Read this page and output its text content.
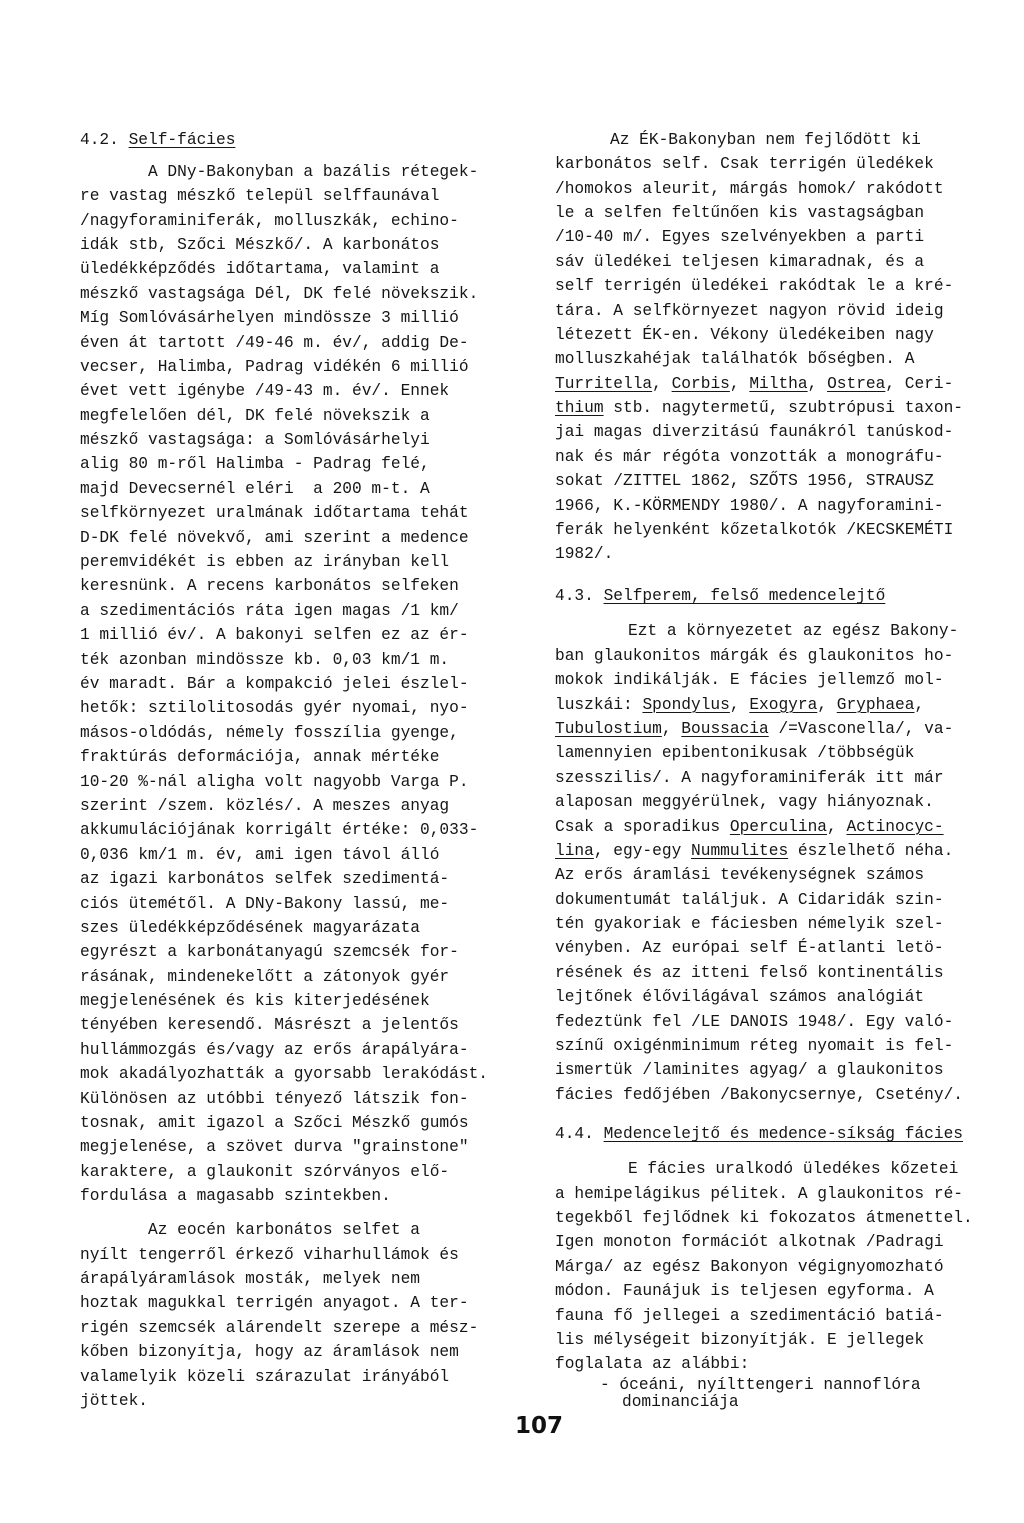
4.2. Self-fácies
A DNy-Bakonyban a bazális rétegek-
re vastag mészkő települ selffaunával
/nagyforaminiferák, molluszkák, echino-
idák stb, Szőci Mészkő/. A karbonátos
üledékképződés időtartama, valamint a
mészkő vastagsága Dél, DK felé növekszik.
Míg Somlóvásárhelyen mindössze 3 millió
éven át tartott /49-46 m. év/, addig De-
vecser, Halimba, Padrag vidékén 6 millió
évet vett igénybe /49-43 m. év/. Ennek
megfelelően dél, DK felé növekszik a
mészkő vastagsága: a Somlóvásárhelyi
alig 80 m-ről Halimba - Padrag felé,
majd Devecsernél eléri  a 200 m-t. A
selfkörnyezet uralmának időtartama tehát
D-DK felé növekvő, ami szerint a medence
peremvidékét is ebben az irányban kell
keresnünk. A recens karbonátos selfeken
a szedimentációs ráta igen magas /1 km/
1 millió év/. A bakonyi selfen ez az ér-
ték azonban mindössze kb. 0,03 km/1 m.
év maradt. Bár a kompakció jelei észlel-
hetők: sztilolitosodás gyér nyomai, nyo-
másos-oldódás, némely fosszília gyenge,
fraktúrás deformációja, annak mértéke
10-20 %-nál aligha volt nagyobb Varga P.
szerint /szem. közlés/. A meszes anyag
akkumulációjának korrigált értéke: 0,033-
0,036 km/1 m. év, ami igen távol álló
az igazi karbonátos selfek szedimentá-
ciós ütemétől. A DNy-Bakony lassú, me-
szes üledékképződésének magyarázata
egyrészt a karbonátanyagú szemcsék for-
rásának, mindenekelőtt a zátonyok gyér
megjelenésének és kis kiterjedésének
tényében keresendő. Másrészt a jelentős
hullámmozgás és/vagy az erős árapályára-
mok akadályozhatták a gyorsabb lerakódást.
Különösen az utóbbi tényező látszik fon-
tosnak, amit igazol a Szőci Mészkő gumós
megjelenése, a szövet durva "grainstone"
karaktere, a glaukonit szórványos elő-
fordulása a magasabb szintekben.
Az eocén karbonátos selfet a
nyílt tengerről érkező viharhullámok és
árapályáramlások mosták, melyek nem
hoztak magukkal terrigén anyagot. A ter-
rigén szemcsék alárendelt szerepe a mész-
kőben bizonyítja, hogy az áramlások nem
valamelyik közeli szárazulat irányából
jöttek.
Az ÉK-Bakonyban nem fejlődött ki
karbonátos self. Csak terrigén üledékek
/homokos aleurit, márgás homok/ rakódott
le a selfen feltűnően kis vastagságban
/10-40 m/. Egyes szelvényekben a parti
sáv üledékei teljesen kimaradnak, és a
self terrigén üledékei rakódtak le a kré-
tára. A selfkörnyezet nagyon rövid ideig
létezett ÉK-en. Vékony üledékeiben nagy
molluszkahéjak találhatók bőségben. A
Turritella, Corbis, Miltha, Ostrea, Ceri-
thium stb. nagytermetű, szubtrópusi taxon-
jai magas diverzitású faunákról tanúskod-
nak és már régóta vonzották a monográfu-
sokat /ZITTEL 1862, SZŐTS 1956, STRAUSZ
1966, K.-KÖRMENDY 1980/. A nagyforamini-
ferák helyenként kőzetalkotók /KECSKEMÉTI
1982/.
4.3. Selfperem, felső medencelejtő
Ezt a környezetet az egész Bakony-
ban glaukonitos márgák és glaukonitos ho-
mokok indikálják. E fácies jellemző mol-
luszkái: Spondylus, Exogyra, Gryphaea,
Tubulostium, Boussacia /=Vasconella/, va-
lamennyien epibentonikusak /többségük
szesszilis/. A nagyforaminiferák itt már
alaposan meggyérülnek, vagy hiányoznak.
Csak a sporadikus Operculina, Actinocyc-
lina, egy-egy Nummulites észlelhető néha.
Az erős áramlási tevékenységnek számos
dokumentumát találjuk. A Cidaridák szin-
tén gyakoriak e fáciesben némelyik szel-
vényben. Az európai self É-atlanti letö-
résének és az itteni felső kontinentális
lejtőnek élővilágával számos analógiát
fedeztünk fel /LE DANOIS 1948/. Egy való-
színű oxigénminimum réteg nyomait is fel-
ismertük /laminites agyag/ a glaukonitos
fácies fedőjében /Bakonycsernye, Csetény/.
4.4. Medencelejtő és medence-síkság fácies
E fácies uralkodó üledékes kőzetei
a hemipelágikus pélitek. A glaukonitos ré-
tegekből fejlődnek ki fokozatos átmenettel.
Igen monoton formációt alkotnak /Padragi
Márga/ az egész Bakonyon végignyomozható
módon. Faunájuk is teljesen egyforma. A
fauna fő jellegei a szedimentáció batiá-
lis mélységeit bizonyítják. E jellegek
foglalata az alábbi:
- óceáni, nyílttengeri nannoflóra
dominanciája
107
